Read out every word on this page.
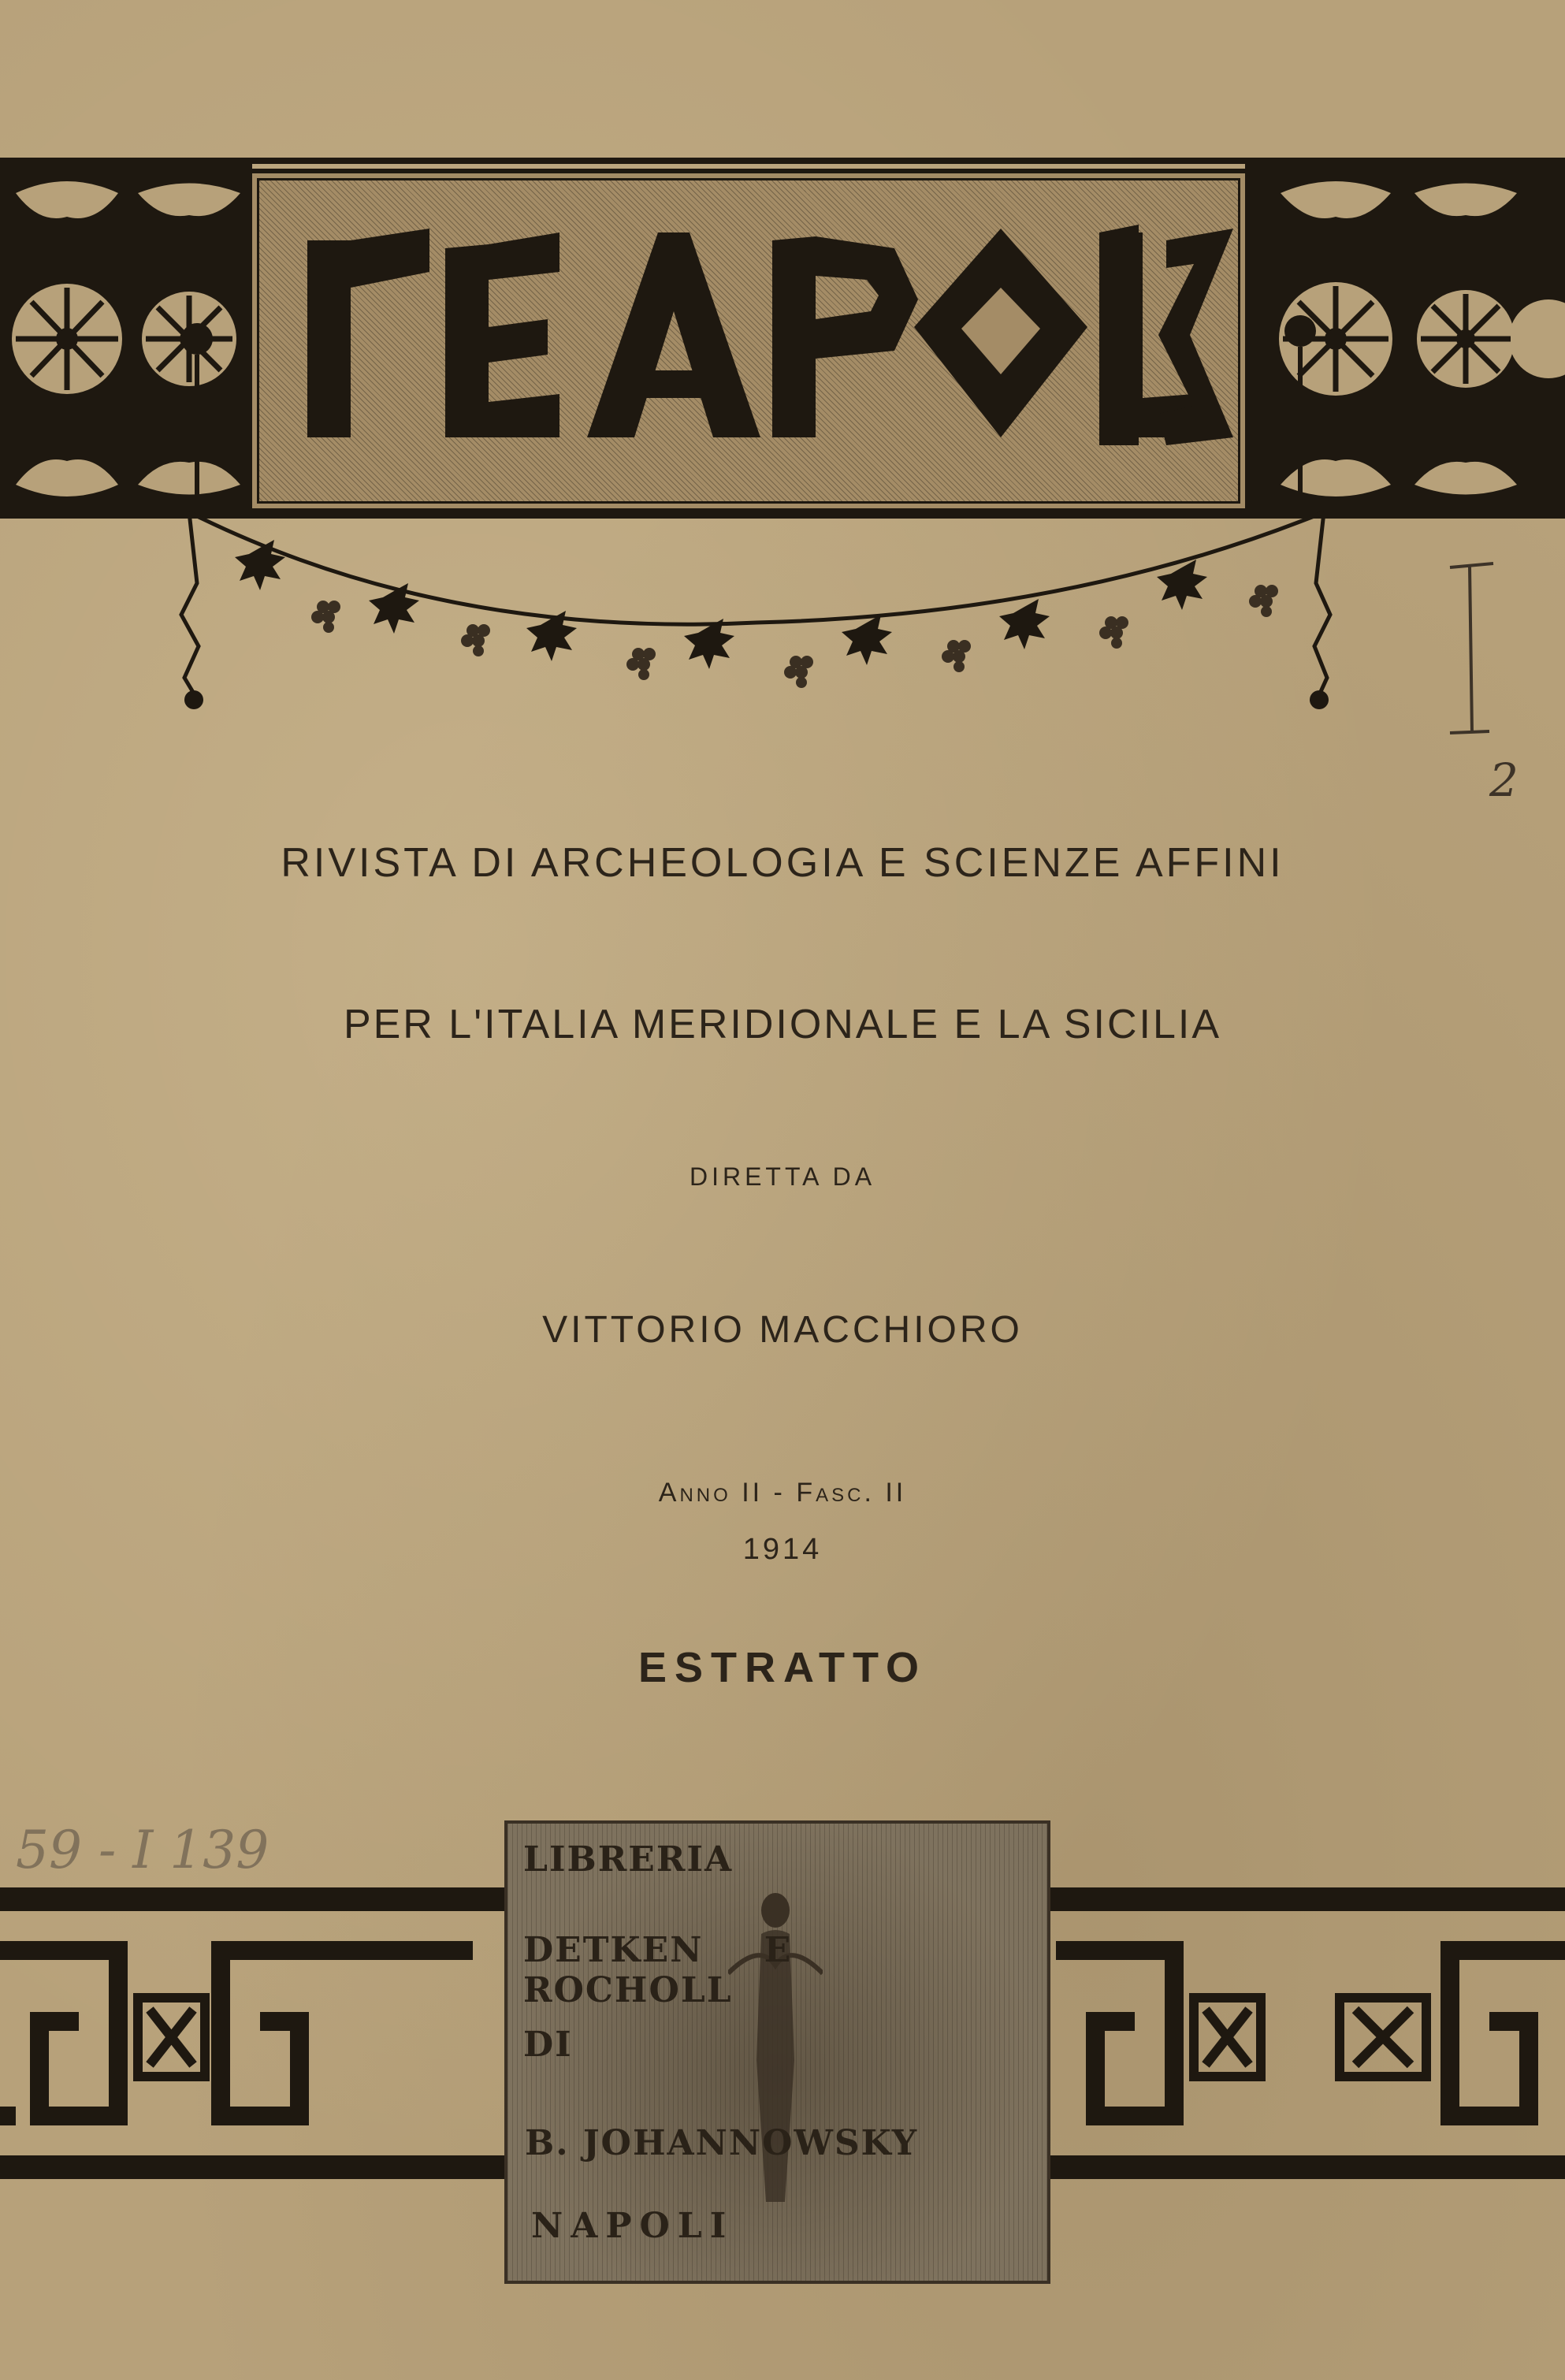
2
RIVISTA DI ARCHEOLOGIA E SCIENZE AFFINI
PER L'ITALIA MERIDIONALE E LA SICILIA
DIRETTA DA
VITTORIO MACCHIORO
Anno II - Fasc. II
1914
ESTRATTO
59 - I 139	LIBRERIA
DETKEN E ROCHOLL
DI
B. JOHANNOWSKY
NAPOLI
